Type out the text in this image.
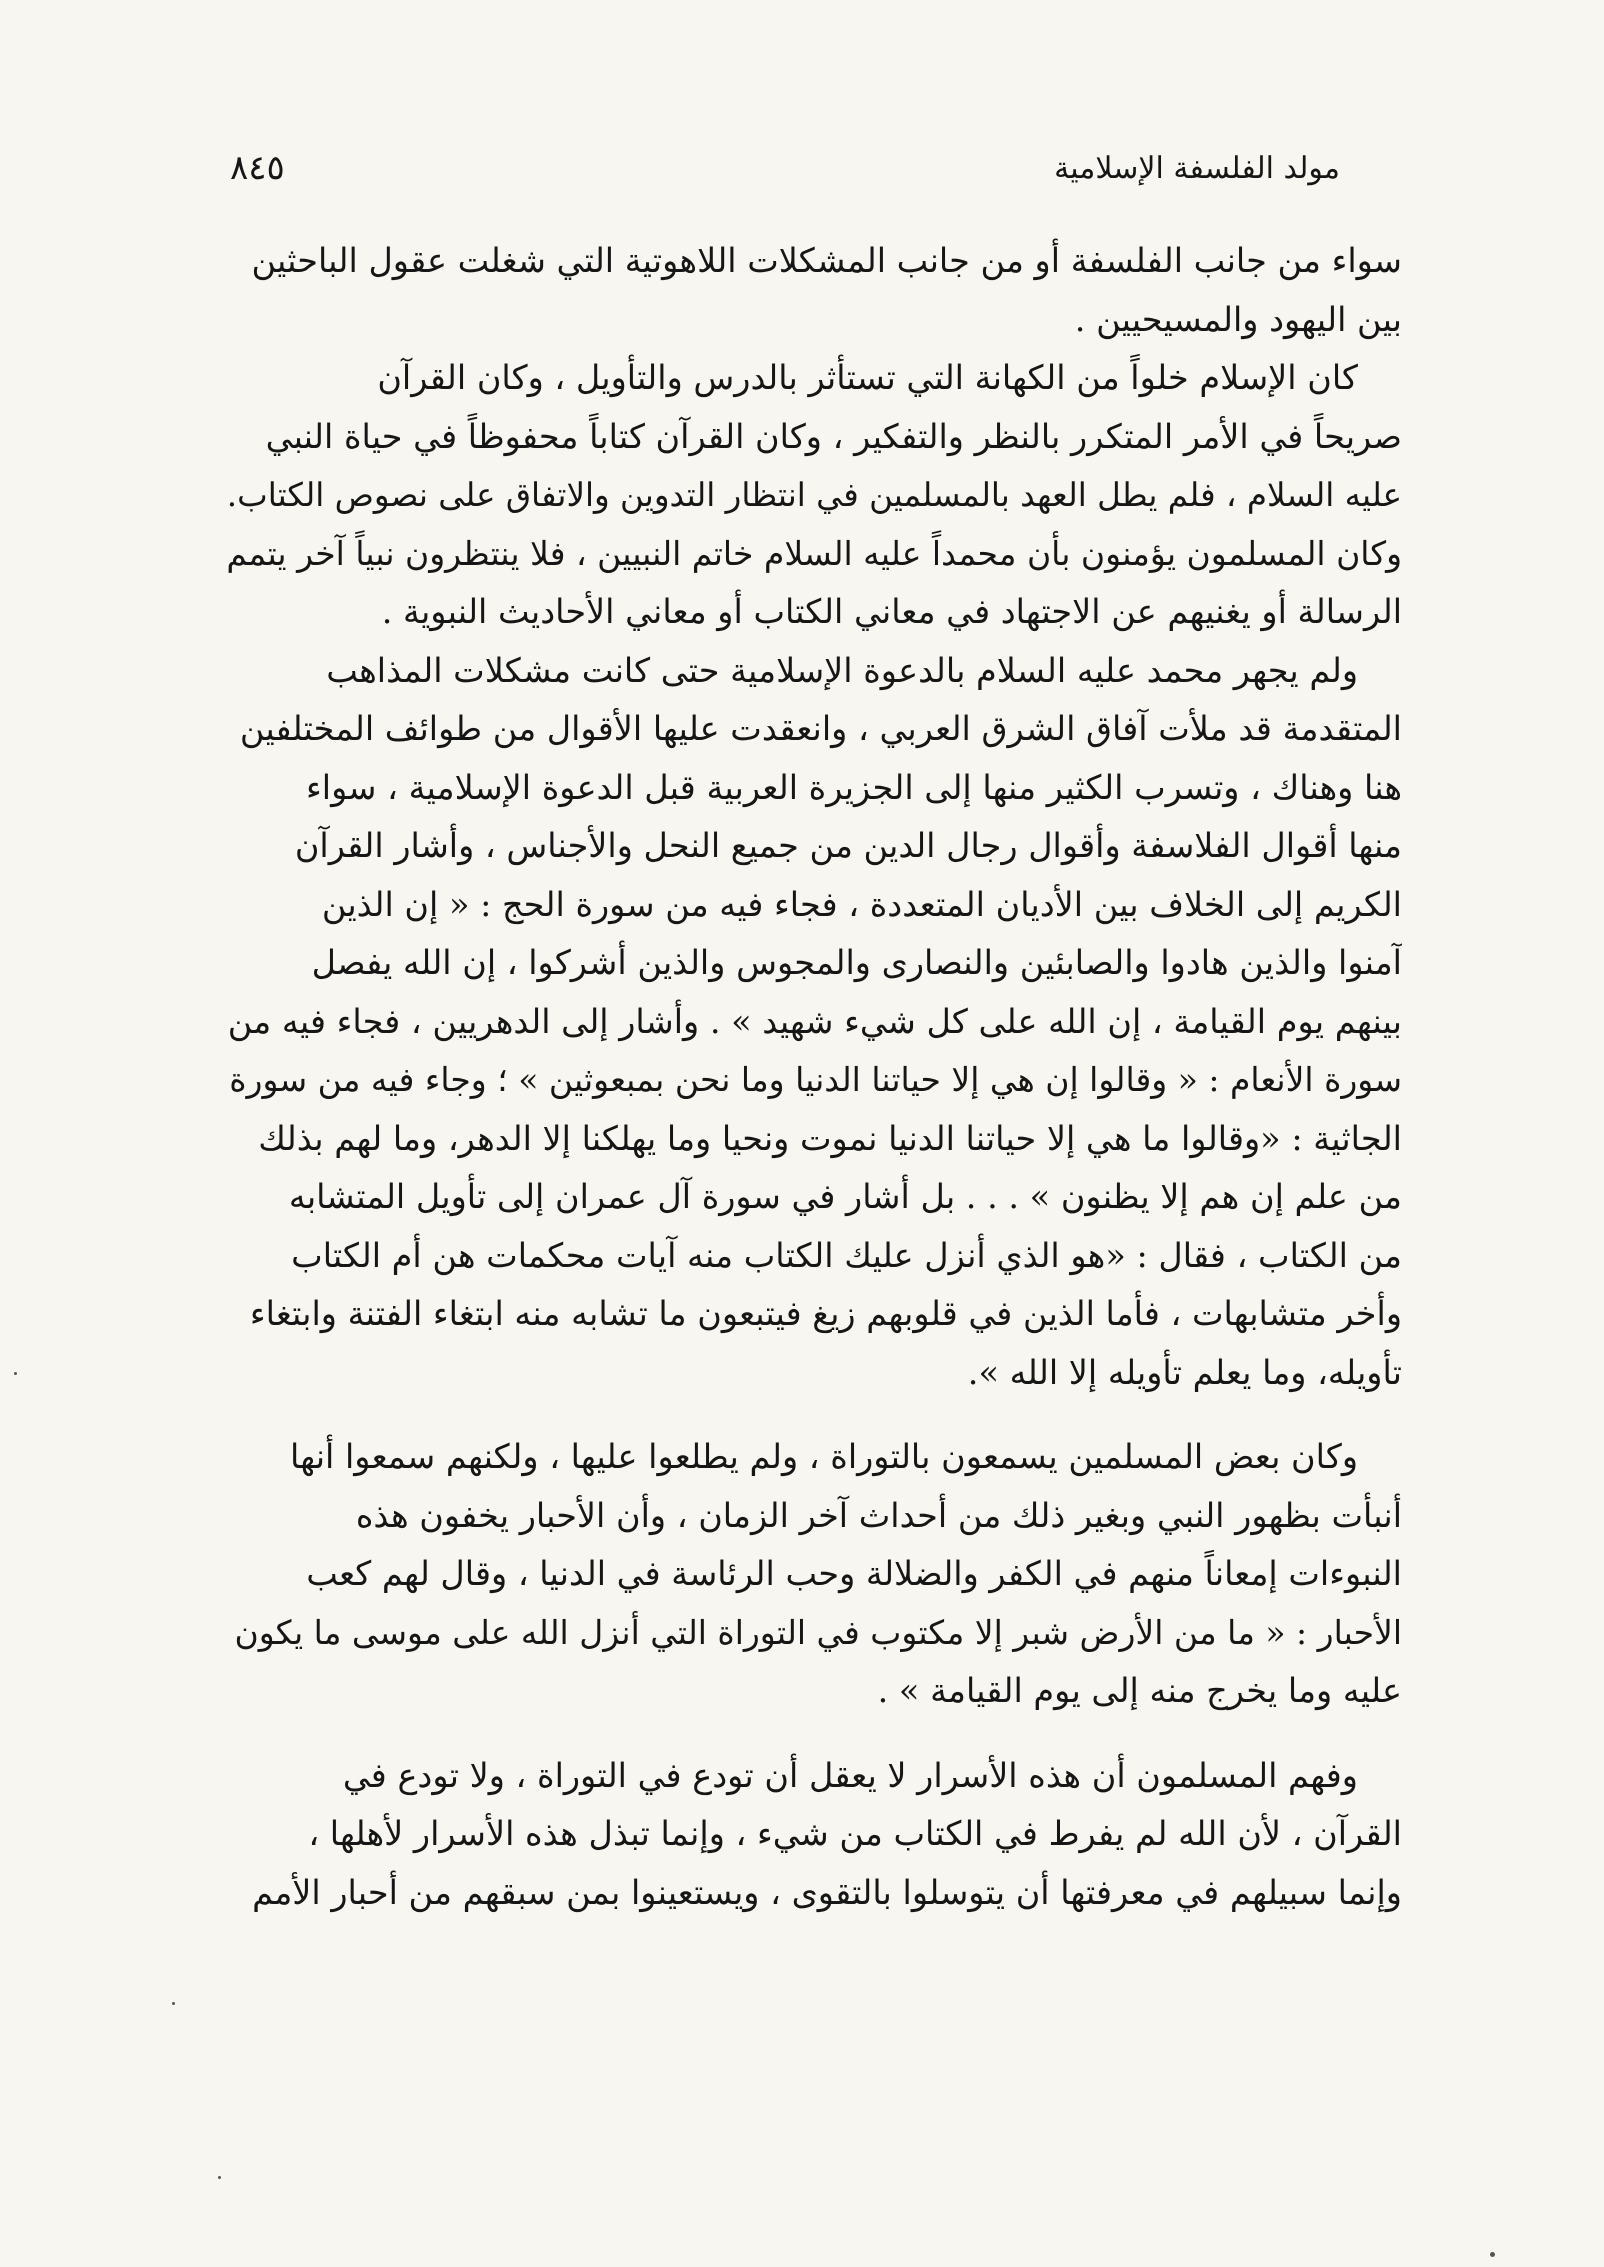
٨٤٥	مولد الفلسفة الإسلامية
سواء من جانب الفلسفة أو من جانب المشكلات اللاهوتية التي شغلت عقول الباحثين
بين اليهود والمسيحيين .
كان الإسلام خلواً من الكهانة التي تستأثر بالدرس والتأويل ، وكان القرآن
صريحاً في الأمر المتكرر بالنظر والتفكير ، وكان القرآن كتاباً محفوظاً في حياة النبي
عليه السلام ، فلم يطل العهد بالمسلمين في انتظار التدوين والاتفاق على نصوص الكتاب.
وكان المسلمون يؤمنون بأن محمداً عليه السلام خاتم النبيين ، فلا ينتظرون نبياً آخر يتمم
الرسالة أو يغنيهم عن الاجتهاد في معاني الكتاب أو معاني الأحاديث النبوية .
ولم يجهر محمد عليه السلام بالدعوة الإسلامية حتى كانت مشكلات المذاهب
المتقدمة قد ملأت آفاق الشرق العربي ، وانعقدت عليها الأقوال من طوائف المختلفين
هنا وهناك ، وتسرب الكثير منها إلى الجزيرة العربية قبل الدعوة الإسلامية ، سواء
منها أقوال الفلاسفة وأقوال رجال الدين من جميع النحل والأجناس ، وأشار القرآن
الكريم إلى الخلاف بين الأديان المتعددة ، فجاء فيه من سورة الحج : « إن الذين
آمنوا والذين هادوا والصابئين والنصارى والمجوس والذين أشركوا ، إن الله يفصل
بينهم يوم القيامة ، إن الله على كل شيء شهيد » . وأشار إلى الدهريين ، فجاء فيه من
سورة الأنعام : « وقالوا إن هي إلا حياتنا الدنيا وما نحن بمبعوثين » ؛ وجاء فيه من سورة
الجاثية : «وقالوا ما هي إلا حياتنا الدنيا نموت ونحيا وما يهلكنا إلا الدهر، وما لهم بذلك
من علم إن هم إلا يظنون » . . . بل أشار في سورة آل عمران إلى تأويل المتشابه
من الكتاب ، فقال : «هو الذي أنزل عليك الكتاب منه آيات محكمات هن أم الكتاب
وأخر متشابهات ، فأما الذين في قلوبهم زيغ فيتبعون ما تشابه منه ابتغاء الفتنة وابتغاء
تأويله، وما يعلم تأويله إلا الله ».
وكان بعض المسلمين يسمعون بالتوراة ، ولم يطلعوا عليها ، ولكنهم سمعوا أنها
أنبأت بظهور النبي وبغير ذلك من أحداث آخر الزمان ، وأن الأحبار يخفون هذه
النبوءات إمعاناً منهم في الكفر والضلالة وحب الرئاسة في الدنيا ، وقال لهم كعب
الأحبار : « ما من الأرض شبر إلا مكتوب في التوراة التي أنزل الله على موسى ما يكون
عليه وما يخرج منه إلى يوم القيامة » .
وفهم المسلمون أن هذه الأسرار لا يعقل أن تودع في التوراة ، ولا تودع في
القرآن ، لأن الله لم يفرط في الكتاب من شيء ، وإنما تبذل هذه الأسرار لأهلها ،
وإنما سبيلهم في معرفتها أن يتوسلوا بالتقوى ، ويستعينوا بمن سبقهم من أحبار الأمم
